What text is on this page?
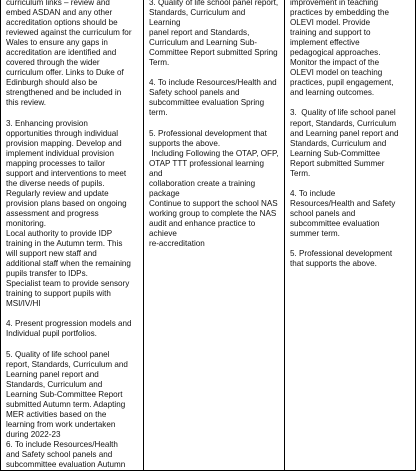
curriculum links – review and
embed ASDAN and any other
accreditation options should be
reviewed against the curriculum for
Wales to ensure any gaps in
accreditation are identified and
covered through the wider
curriculum offer. Links to Duke of
Edinburgh should also be
strengthened and be included in
this review.
3. Enhancing provision
opportunities through individual
provision mapping. Develop and
implement individual provision
mapping processes to tailor
support and interventions to meet
the diverse needs of pupils.
Regularly review and update
provision plans based on ongoing
assessment and progress
monitoring.
Local authority to provide IDP
training in the Autumn term. This
will support new staff and
additional staff when the remaining
pupils transfer to IDPs.
Specialist team to provide sensory
training to support pupils with
MSI/IV/HI
4. Present progression models and
Individual pupil portfolios.
5. Quality of life school panel
report, Standards, Curriculum and
Learning panel report and
Standards, Curriculum and
Learning Sub-Committee Report
submitted Autumn term. Adapting
MER activities based on the
learning from work undertaken
during 2022-23
6. To include Resources/Health
and Safety school panels and
subcommittee evaluation Autumn

3. Quality of life school panel report,
Standards, Curriculum and Learning
panel report and Standards,
Curriculum and Learning Sub-
Committee Report submitted Spring
Term.
4. To include Resources/Health and
Safety school panels and
subcommittee evaluation Spring
term.
5. Professional development that
supports the above.
Including Following the OTAP, OFP,
OTAP TTT professional learning and
collaboration create a training
package
Continue to support the school NAS
working group to complete the NAS
audit and enhance practice to achieve
re-accreditation

improvement in teaching
practices by embedding the
OLEVI model. Provide
training and support to
implement effective
pedagogical approaches.
Monitor the impact of the
OLEVI model on teaching
practices, pupil engagement,
and learning outcomes.
3.  Quality of life school panel
report, Standards, Curriculum
and Learning panel report and
Standards, Curriculum and
Learning Sub-Committee
Report submitted Summer
Term.
4. To include
Resources/Health and Safety
school panels and
subcommittee evaluation
summer term.
5. Professional development
that supports the above.
